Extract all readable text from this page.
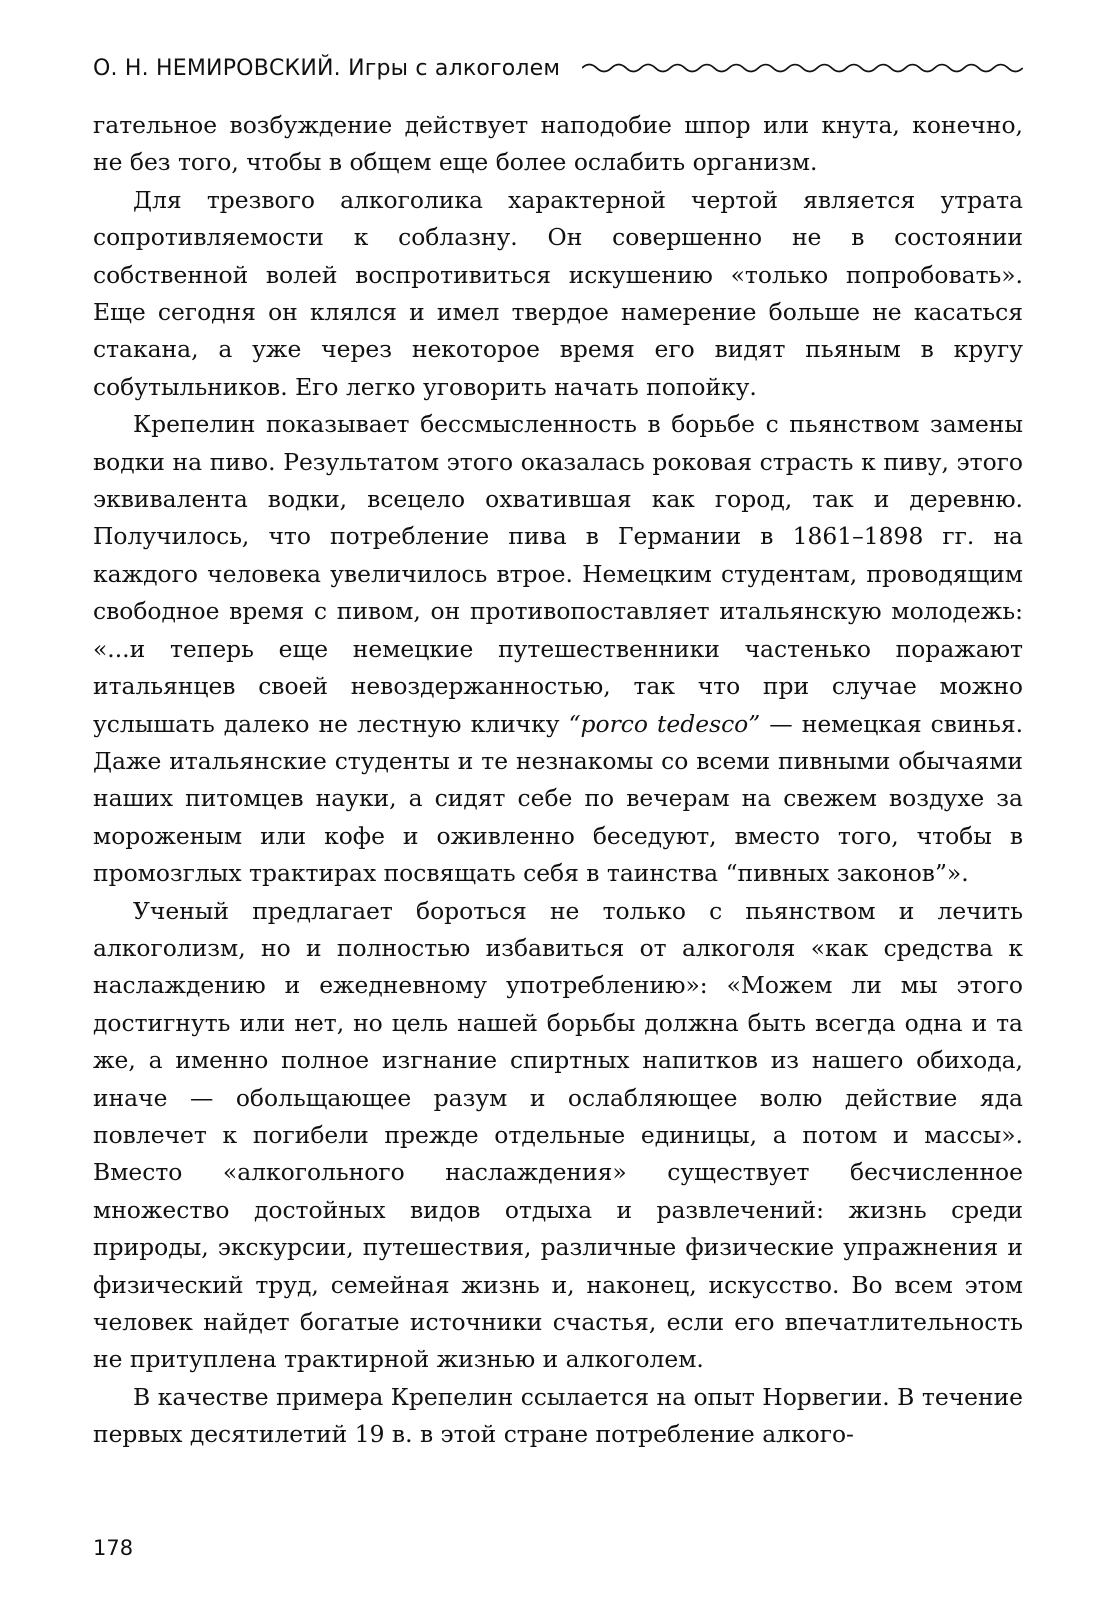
О. Н. НЕМИРОВСКИЙ. Игры с алкоголем

гательное возбуждение действует наподобие шпор или кнута, конечно, не без того, чтобы в общем еще более ослабить организм.

Для трезвого алкоголика характерной чертой является утрата сопротивляемости к соблазну. Он совершенно не в состоянии собственной волей воспротивиться искушению «только попробовать». Еще сегодня он клялся и имел твердое намерение больше не касаться стакана, а уже через некоторое время его видят пьяным в кругу собутыльников. Его легко уговорить начать попойку.

Крепелин показывает бессмысленность в борьбе с пьянством замены водки на пиво. Результатом этого оказалась роковая страсть к пиву, этого эквивалента водки, всецело охватившая как город, так и деревню. Получилось, что потребление пива в Германии в 1861–1898 гг. на каждого человека увеличилось втрое. Немецким студентам, проводящим свободное время с пивом, он противопоставляет итальянскую молодежь: «...и теперь еще немецкие путешественники частенько поражают итальянцев своей невоздержанностью, так что при случае можно услышать далеко не лестную кличку “porco tedesco” — немецкая свинья. Даже итальянские студенты и те незнакомы со всеми пивными обычаями наших питомцев науки, а сидят себе по вечерам на свежем воздухе за мороженым или кофе и оживленно беседуют, вместо того, чтобы в промозглых трактирах посвящать себя в таинства “пивных законов”».

Ученый предлагает бороться не только с пьянством и лечить алкоголизм, но и полностью избавиться от алкоголя «как средства к наслаждению и ежедневному употреблению»: «Можем ли мы этого достигнуть или нет, но цель нашей борьбы должна быть всегда одна и та же, а именно полное изгнание спиртных напитков из нашего обихода, иначе — обольщающее разум и ослабляющее волю действие яда повлечет к погибели прежде отдельные единицы, а потом и массы». Вместо «алкогольного наслаждения» существует бесчисленное множество достойных видов отдыха и развлечений: жизнь среди природы, экскурсии, путешествия, различные физические упражнения и физический труд, семейная жизнь и, наконец, искусство. Во всем этом человек найдет богатые источники счастья, если его впечатлительность не притуплена трактирной жизнью и алкоголем.

В качестве примера Крепелин ссылается на опыт Норвегии. В течение первых десятилетий 19 в. в этой стране потребление алкого-

178
